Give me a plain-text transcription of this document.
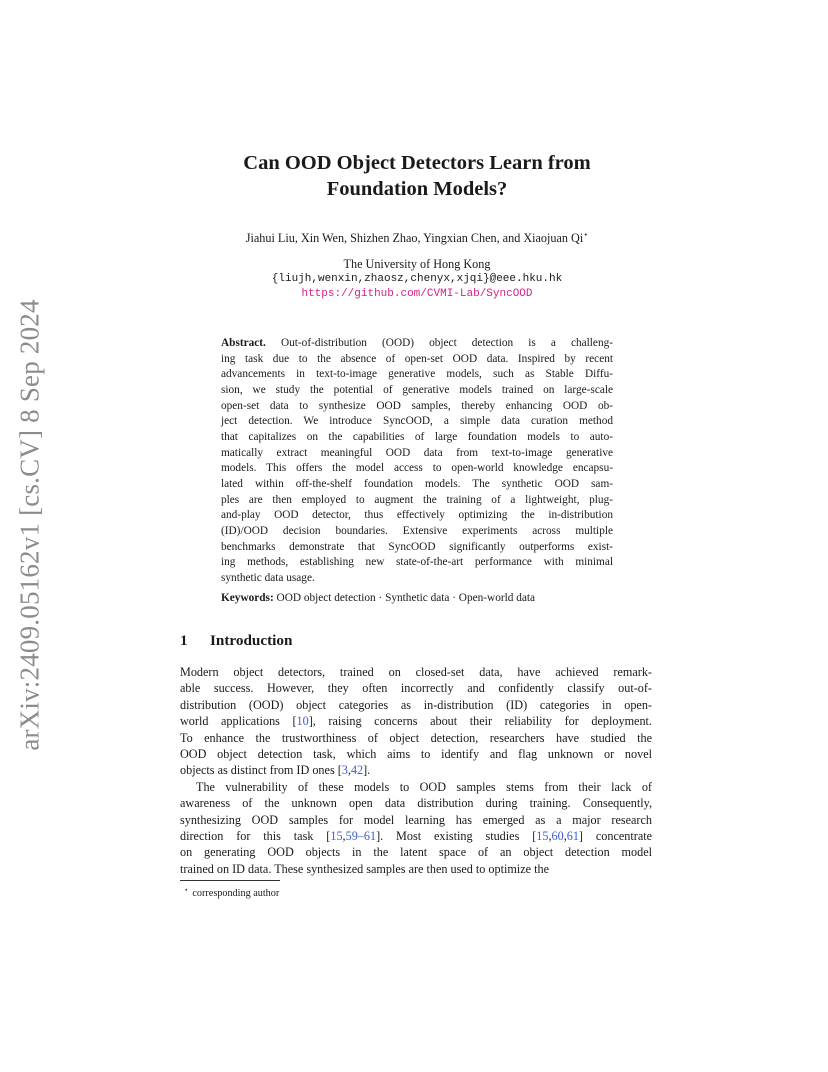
arXiv:2409.05162v1 [cs.CV] 8 Sep 2024
Can OOD Object Detectors Learn from
Foundation Models?
Jiahui Liu, Xin Wen, Shizhen Zhao, Yingxian Chen, and Xiaojuan Qi⋆
The University of Hong Kong
{liujh,wenxin,zhaosz,chenyx,xjqi}@eee.hku.hk
https://github.com/CVMI-Lab/SyncOOD
Abstract. Out-of-distribution (OOD) object detection is a challeng-
ing task due to the absence of open-set OOD data. Inspired by recent
advancements in text-to-image generative models, such as Stable Diffu-
sion, we study the potential of generative models trained on large-scale
open-set data to synthesize OOD samples, thereby enhancing OOD ob-
ject detection. We introduce SyncOOD, a simple data curation method
that capitalizes on the capabilities of large foundation models to auto-
matically extract meaningful OOD data from text-to-image generative
models. This offers the model access to open-world knowledge encapsu-
lated within off-the-shelf foundation models. The synthetic OOD sam-
ples are then employed to augment the training of a lightweight, plug-
and-play OOD detector, thus effectively optimizing the in-distribution
(ID)/OOD decision boundaries. Extensive experiments across multiple
benchmarks demonstrate that SyncOOD significantly outperforms exist-
ing methods, establishing new state-of-the-art performance with minimal
synthetic data usage.
Keywords: OOD object detection · Synthetic data · Open-world data
1 Introduction
Modern object detectors, trained on closed-set data, have achieved remark-
able success. However, they often incorrectly and confidently classify out-of-
distribution (OOD) object categories as in-distribution (ID) categories in open-
world applications [10], raising concerns about their reliability for deployment.
To enhance the trustworthiness of object detection, researchers have studied the
OOD object detection task, which aims to identify and flag unknown or novel
objects as distinct from ID ones [3,42].
The vulnerability of these models to OOD samples stems from their lack of
awareness of the unknown open data distribution during training. Consequently,
synthesizing OOD samples for model learning has emerged as a major research
direction for this task [15,59–61]. Most existing studies [15,60,61] concentrate
on generating OOD objects in the latent space of an object detection model
trained on ID data. These synthesized samples are then used to optimize the
⋆ corresponding author
